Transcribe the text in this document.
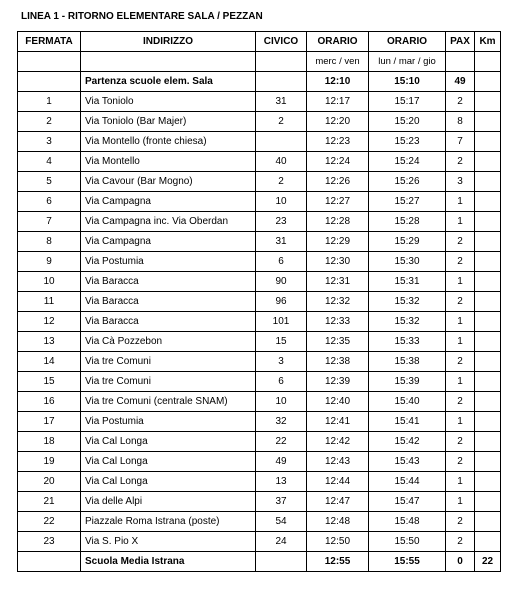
LINEA 1 - RITORNO ELEMENTARE SALA / PEZZAN
FERMATA	INDIRIZZO	CIVICO	ORARIO	ORARIO	PAX	Km
			merc / ven	lun / mar / gio		
	Partenza scuole elem. Sala		12:10	15:10	49	
1	Via Toniolo	31	12:17	15:17	2	
2	Via Toniolo (Bar Majer)	2	12:20	15:20	8	
3	Via Montello (fronte chiesa)		12:23	15:23	7	
4	Via Montello	40	12:24	15:24	2	
5	Via Cavour (Bar Mogno)	2	12:26	15:26	3	
6	Via Campagna	10	12:27	15:27	1	
7	Via Campagna inc. Via Oberdan	23	12:28	15:28	1	
8	Via Campagna	31	12:29	15:29	2	
9	Via Postumia	6	12:30	15:30	2	
10	Via Baracca	90	12:31	15:31	1	
11	Via Baracca	96	12:32	15:32	2	
12	Via Baracca	101	12:33	15:32	1	
13	Via Cà Pozzebon	15	12:35	15:33	1	
14	Via tre Comuni	3	12:38	15:38	2	
15	Via tre Comuni	6	12:39	15:39	1	
16	Via tre Comuni (centrale SNAM)	10	12:40	15:40	2	
17	Via Postumia	32	12:41	15:41	1	
18	Via Cal Longa	22	12:42	15:42	2	
19	Via Cal Longa	49	12:43	15:43	2	
20	Via Cal Longa	13	12:44	15:44	1	
21	Via delle Alpi	37	12:47	15:47	1	
22	Piazzale Roma Istrana (poste)	54	12:48	15:48	2	
23	Via S. Pio X	24	12:50	15:50	2	
	Scuola Media Istrana		12:55	15:55	0	22
